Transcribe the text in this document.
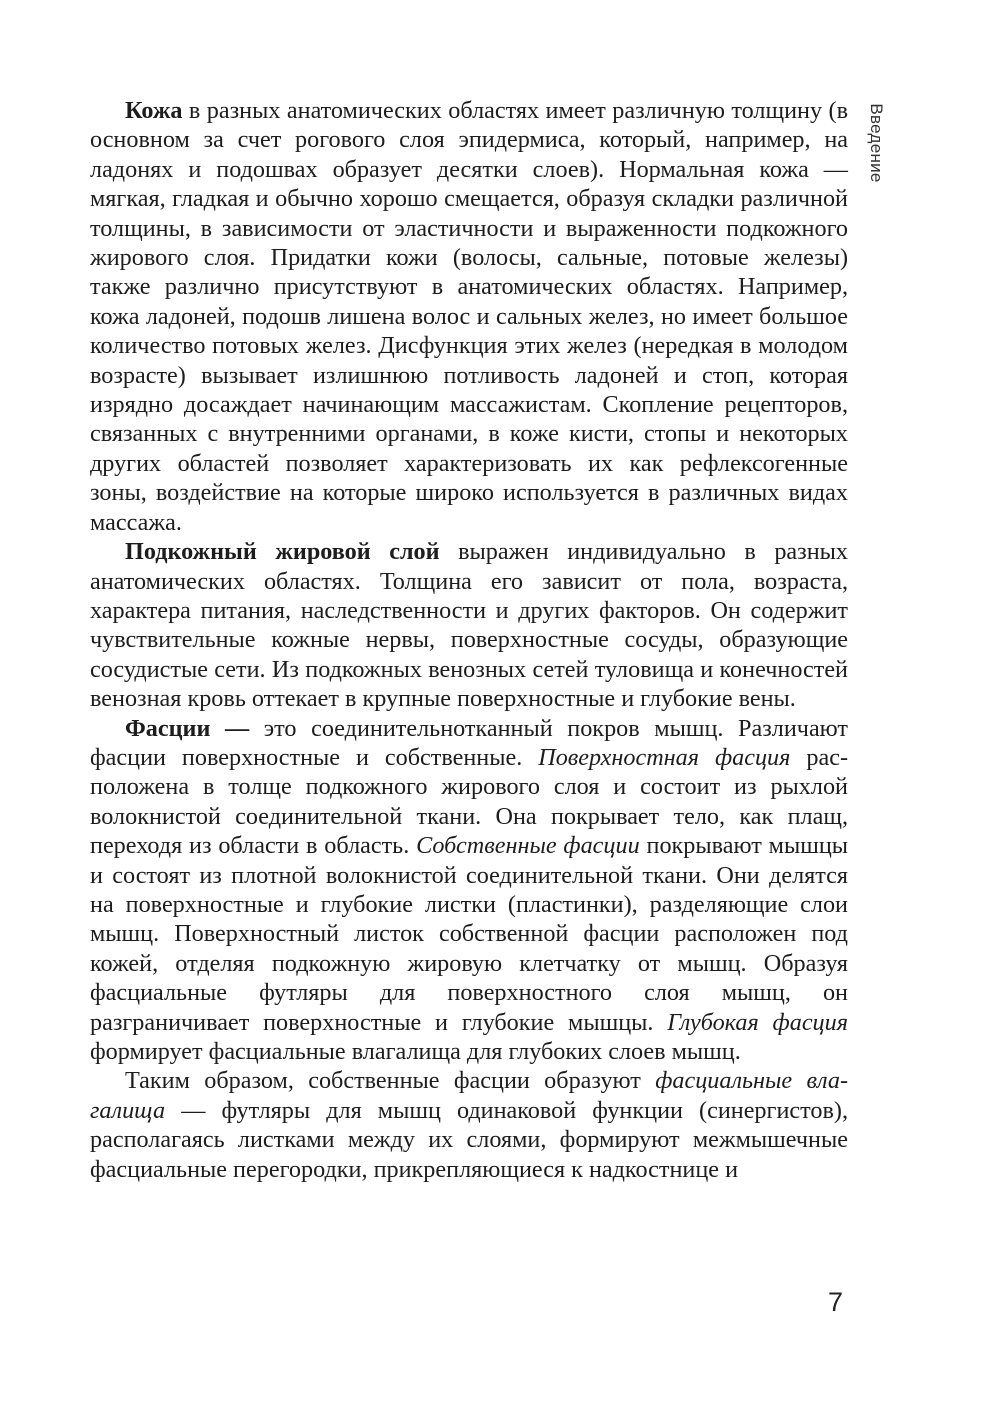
Введение

Кожа в разных анатомических областях имеет различную толщину (в основном за счет рогового слоя эпидермиса, который, например, на ладонях и подошвах образует десятки слоев). Нормальная кожа — мягкая, гладкая и обычно хорошо смещается, образуя складки различной толщины, в зависимости от эластичности и выраженности подкожного жирового слоя. Придатки кожи (волосы, сальные, потовые железы) также различно присутствуют в анатомических областях. Например, кожа ладоней, подошв лишена волос и сальных желез, но имеет большое количество потовых желез. Дисфункция этих желез (нередкая в молодом возрасте) вызывает излишнюю потливость ладоней и стоп, которая изрядно досаждает начинающим массажистам. Скопление рецепторов, связанных с внутренними органами, в коже кисти, стопы и некоторых других областей позволяет характеризовать их как рефлексогенные зоны, воздействие на которые широко используется в различных видах массажа.

Подкожный жировой слой выражен индивидуально в разных анатомических областях. Толщина его зависит от пола, возраста, характера питания, наследственности и других факторов. Он содержит чувствительные кожные нервы, поверхностные сосуды, образующие сосудистые сети. Из подкожных венозных сетей туловища и конечностей венозная кровь оттекает в крупные поверхностные и глубокие вены.

Фасции — это соединительнотканный покров мышц. Различают фасции поверхностные и собственные. Поверхностная фасция расположена в толще подкожного жирового слоя и состоит из рыхлой волокнистой соединительной ткани. Она покрывает тело, как плащ, переходя из области в область. Собственные фасции покрывают мышцы и состоят из плотной волокнистой соединительной ткани. Они делятся на поверхностные и глубокие листки (пластинки), разделяющие слои мышц. Поверхностный листок собственной фасции расположен под кожей, отделяя подкожную жировую клетчатку от мышц. Образуя фасциальные футляры для поверхностного слоя мышц, он разграничивает поверхностные и глубокие мышцы. Глубокая фасция формирует фасциальные влагалища для глубоких слоев мышц.

Таким образом, собственные фасции образуют фасциальные влагалища — футляры для мышц одинаковой функции (синергистов), располагаясь листками между их слоями, формируют межмышечные фасциальные перегородки, прикрепляющиеся к надкостнице и

7
